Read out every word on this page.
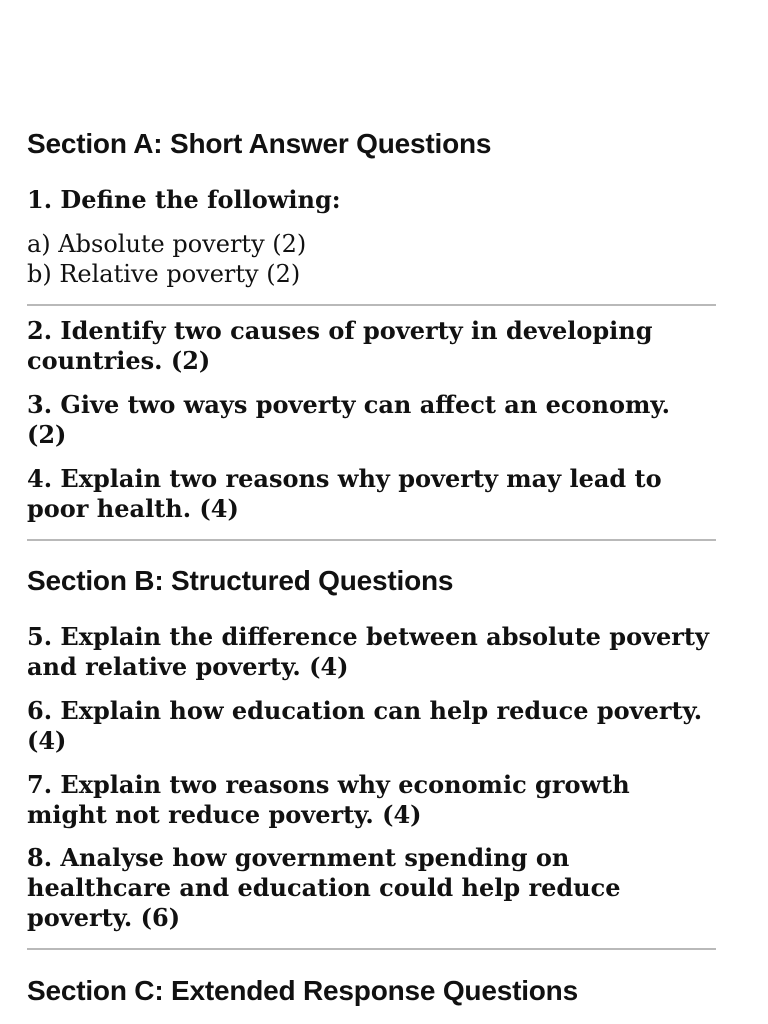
Section A: Short Answer Questions

1. Define the following:

a) Absolute poverty (2)

b) Relative poverty (2)

2. Identify two causes of poverty in developing countries. (2)

3. Give two ways poverty can affect an economy. (2)

4. Explain two reasons why poverty may lead to poor health. (4)

Section B: Structured Questions

5. Explain the difference between absolute poverty and relative poverty. (4)

6. Explain how education can help reduce poverty. (4)

7. Explain two reasons why economic growth might not reduce poverty. (4)

8. Analyse how government spending on healthcare and education could help reduce poverty. (6)

Section C: Extended Response Questions
